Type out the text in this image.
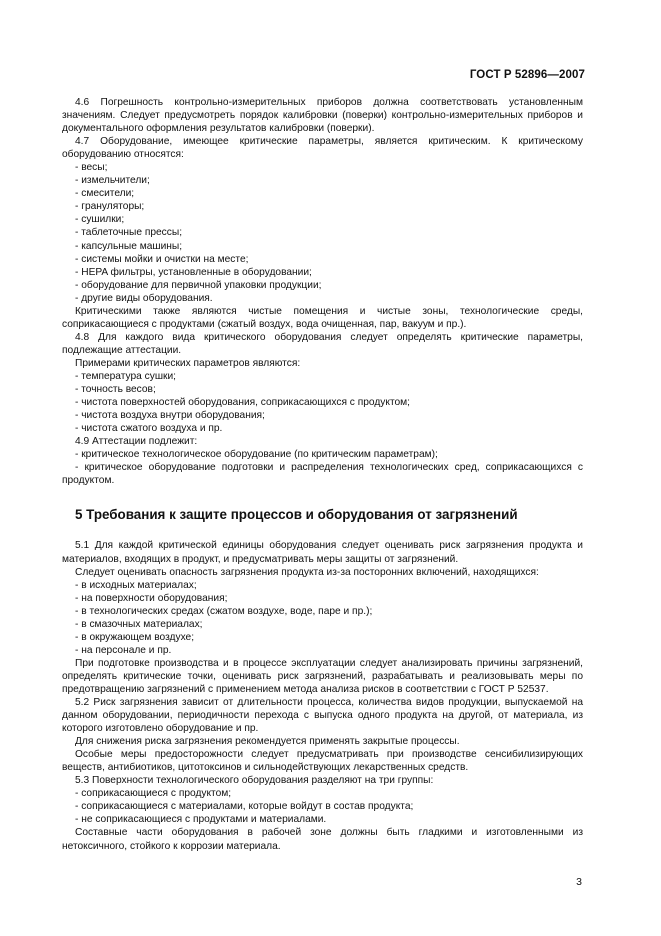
ГОСТ Р 52896—2007
4.6 Погрешность контрольно-измерительных приборов должна соответствовать установленным значениям. Следует предусмотреть порядок калибровки (поверки) контрольно-измерительных приборов и документального оформления результатов калибровки (поверки).
4.7 Оборудование, имеющее критические параметры, является критическим. К критическому оборудованию относятся:
- весы;
- измельчители;
- смесители;
- грануляторы;
- сушилки;
- таблеточные прессы;
- капсульные машины;
- системы мойки и очистки на месте;
- HEPA фильтры, установленные в оборудовании;
- оборудование для первичной упаковки продукции;
- другие виды оборудования.
Критическими также являются чистые помещения и чистые зоны, технологические среды, соприкасающиеся с продуктами (сжатый воздух, вода очищенная, пар, вакуум и пр.).
4.8 Для каждого вида критического оборудования следует определять критические параметры, подлежащие аттестации.
Примерами критических параметров являются:
- температура сушки;
- точность весов;
- чистота поверхностей оборудования, соприкасающихся с продуктом;
- чистота воздуха внутри оборудования;
- чистота сжатого воздуха и пр.
4.9 Аттестации подлежит:
- критическое технологическое оборудование (по критическим параметрам);
- критическое оборудование подготовки и распределения технологических сред, соприкасающихся с продуктом.
5 Требования к защите процессов и оборудования от загрязнений
5.1 Для каждой критической единицы оборудования следует оценивать риск загрязнения продукта и материалов, входящих в продукт, и предусматривать меры защиты от загрязнений.
Следует оценивать опасность загрязнения продукта из-за посторонних включений, находящихся:
- в исходных материалах;
- на поверхности оборудования;
- в технологических средах (сжатом воздухе, воде, паре и пр.);
- в смазочных материалах;
- в окружающем воздухе;
- на персонале и пр.
При подготовке производства и в процессе эксплуатации следует анализировать причины загрязнений, определять критические точки, оценивать риск загрязнений, разрабатывать и реализовывать меры по предотвращению загрязнений с применением метода анализа рисков в соответствии с ГОСТ Р 52537.
5.2 Риск загрязнения зависит от длительности процесса, количества видов продукции, выпускаемой на данном оборудовании, периодичности перехода с выпуска одного продукта на другой, от материала, из которого изготовлено оборудование и пр.
Для снижения риска загрязнения рекомендуется применять закрытые процессы.
Особые меры предосторожности следует предусматривать при производстве сенсибилизирующих веществ, антибиотиков, цитотоксинов и сильнодействующих лекарственных средств.
5.3 Поверхности технологического оборудования разделяют на три группы:
- соприкасающиеся с продуктом;
- соприкасающиеся с материалами, которые войдут в состав продукта;
- не соприкасающиеся с продуктами и материалами.
Составные части оборудования в рабочей зоне должны быть гладкими и изготовленными из нетоксичного, стойкого к коррозии материала.
3
